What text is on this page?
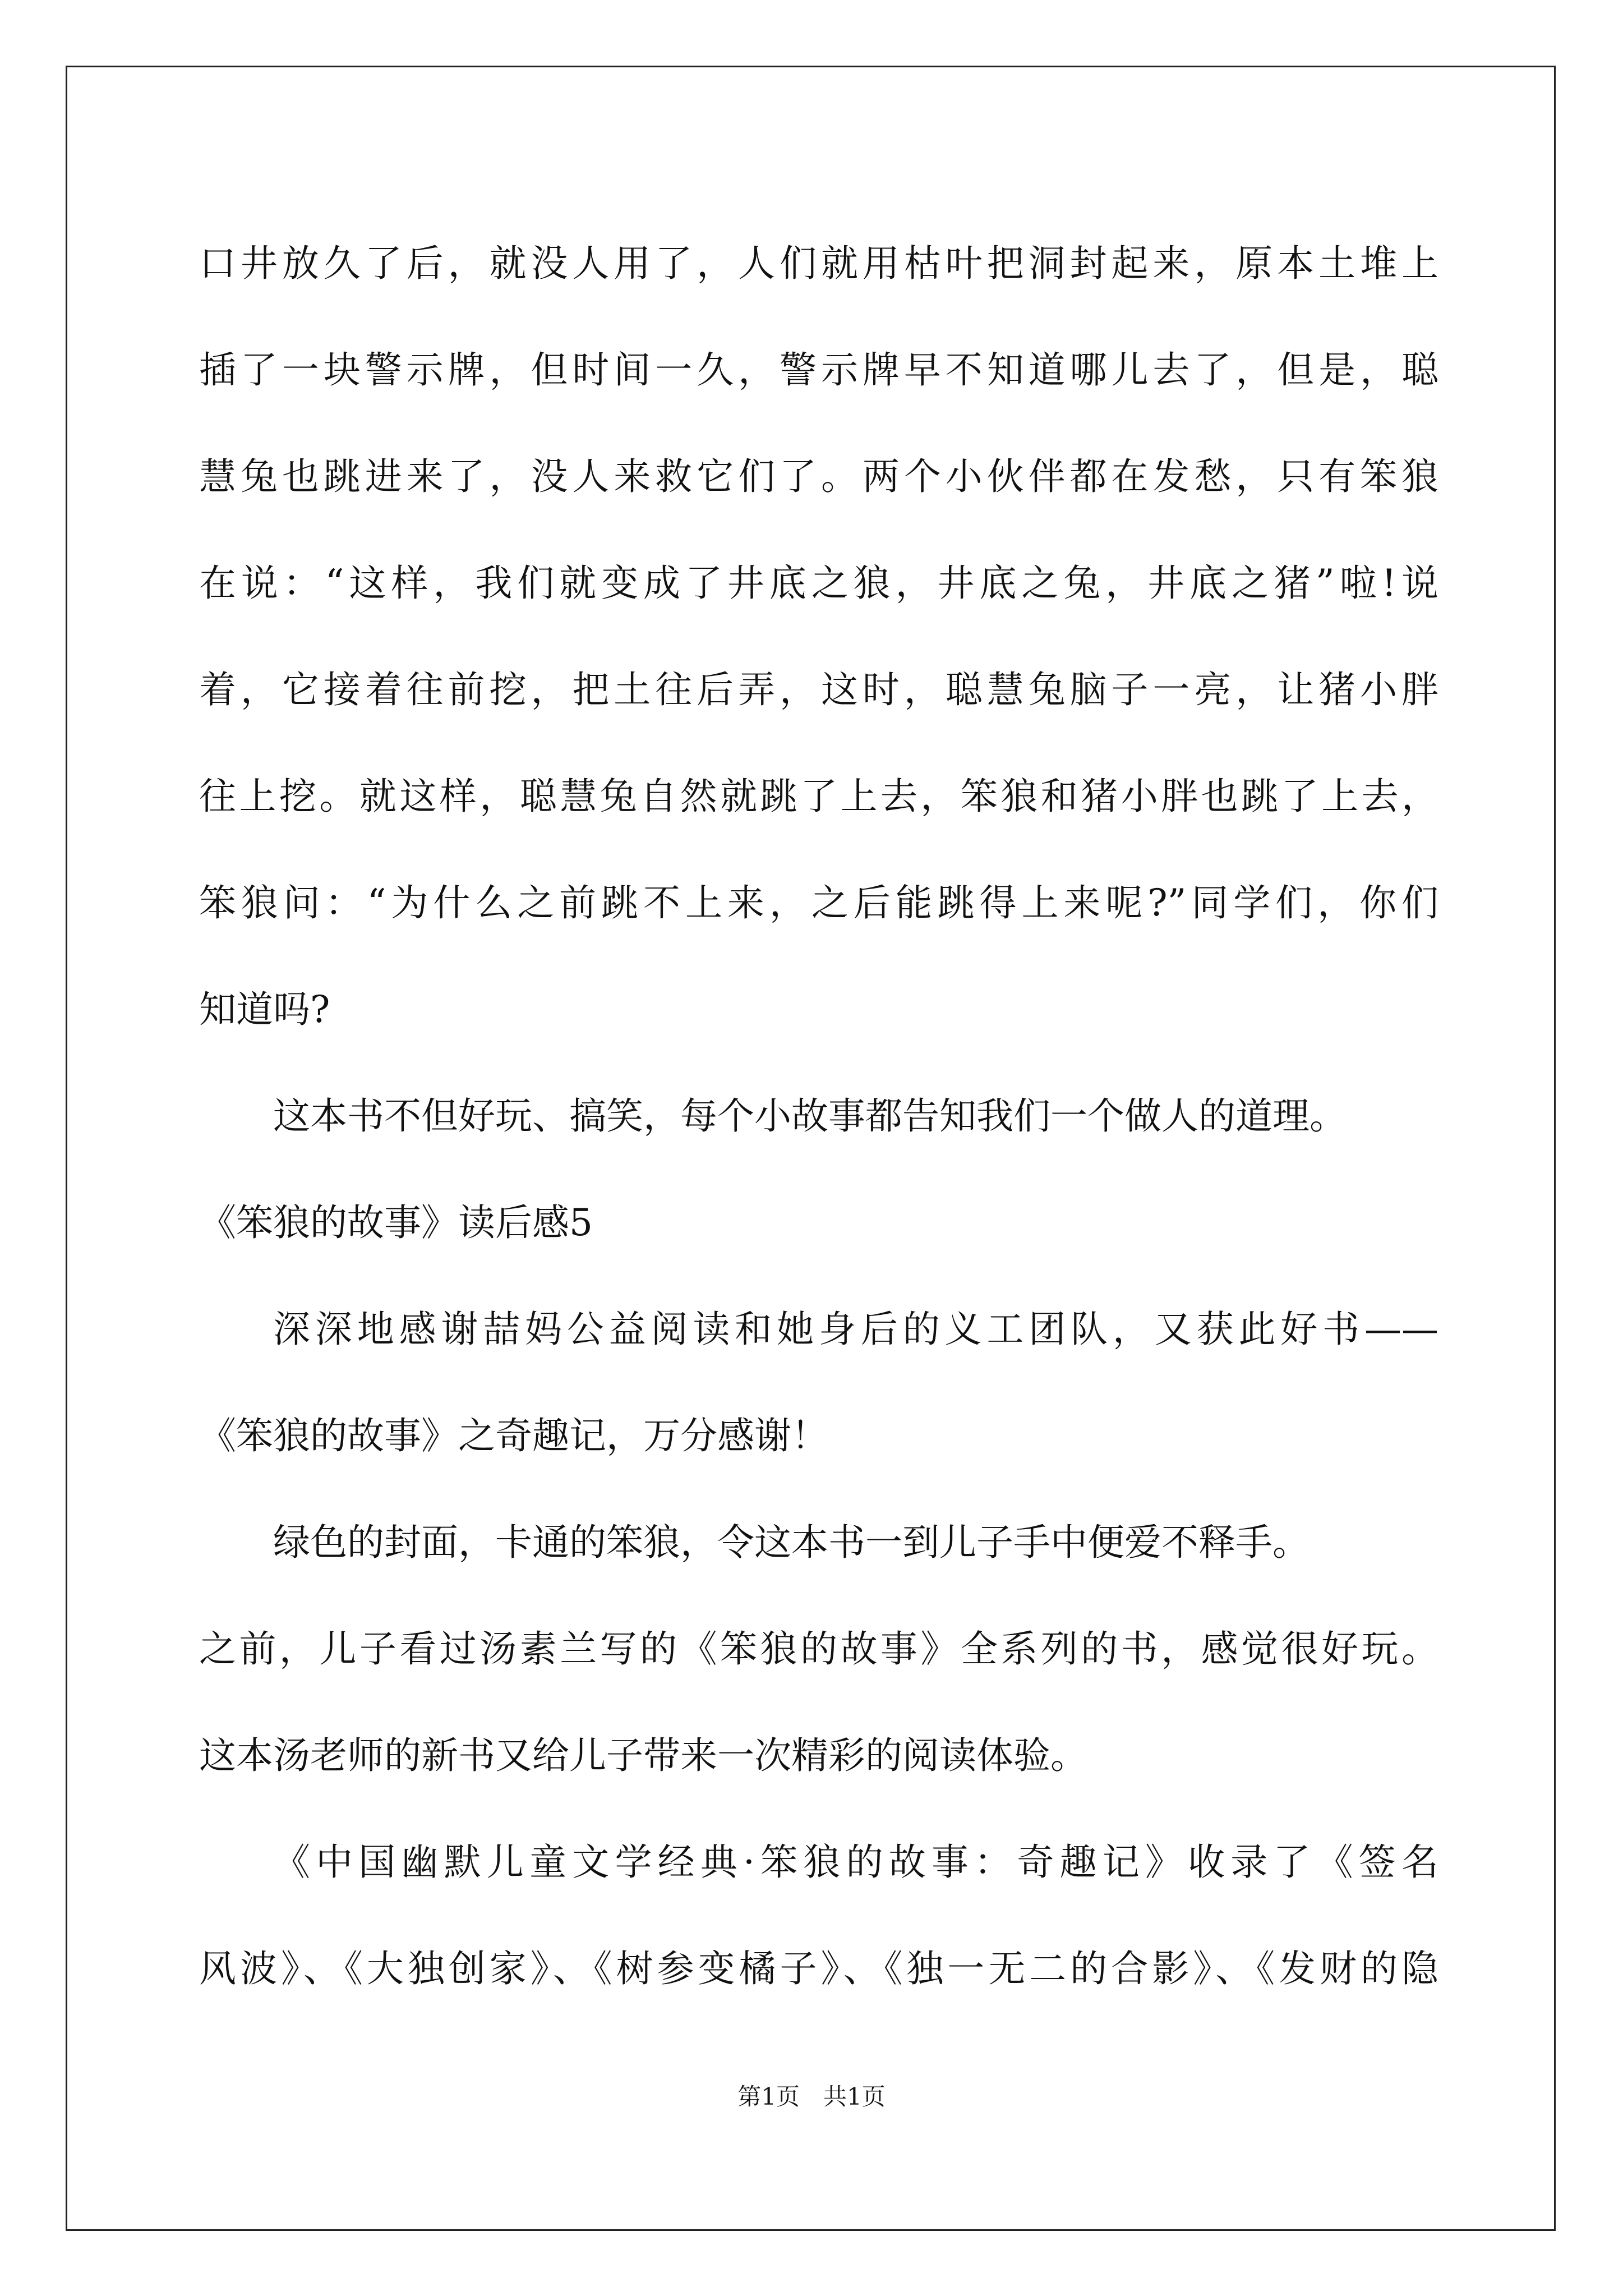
口井放久了后，就没人用了，人们就用枯叶把洞封起来，原本土堆上
插了一块警示牌，但时间一久，警示牌早不知道哪儿去了，但是，聪
慧兔也跳进来了，没人来救它们了。两个小伙伴都在发愁，只有笨狼
在说：“这样，我们就变成了井底之狼，井底之兔，井底之猪”啦!说
着，它接着往前挖，把土往后弄，这时，聪慧兔脑子一亮，让猪小胖
往上挖。就这样，聪慧兔自然就跳了上去，笨狼和猪小胖也跳了上去，
笨狼问：“为什么之前跳不上来，之后能跳得上来呢?”同学们，你们
知道吗?
这本书不但好玩、搞笑，每个小故事都告知我们一个做人的道理。
《笨狼的故事》读后感5
深深地感谢喆妈公益阅读和她身后的义工团队，又获此好书——
《笨狼的故事》之奇趣记，万分感谢！
绿色的封面，卡通的笨狼，令这本书一到儿子手中便爱不释手。
之前，儿子看过汤素兰写的《笨狼的故事》全系列的书，感觉很好玩。
这本汤老师的新书又给儿子带来一次精彩的阅读体验。
《中国幽默儿童文学经典·笨狼的故事：奇趣记》收录了《签名
风波》、《大独创家》、《树参变橘子》、《独一无二的合影》、《发财的隐
第1页　共1页
